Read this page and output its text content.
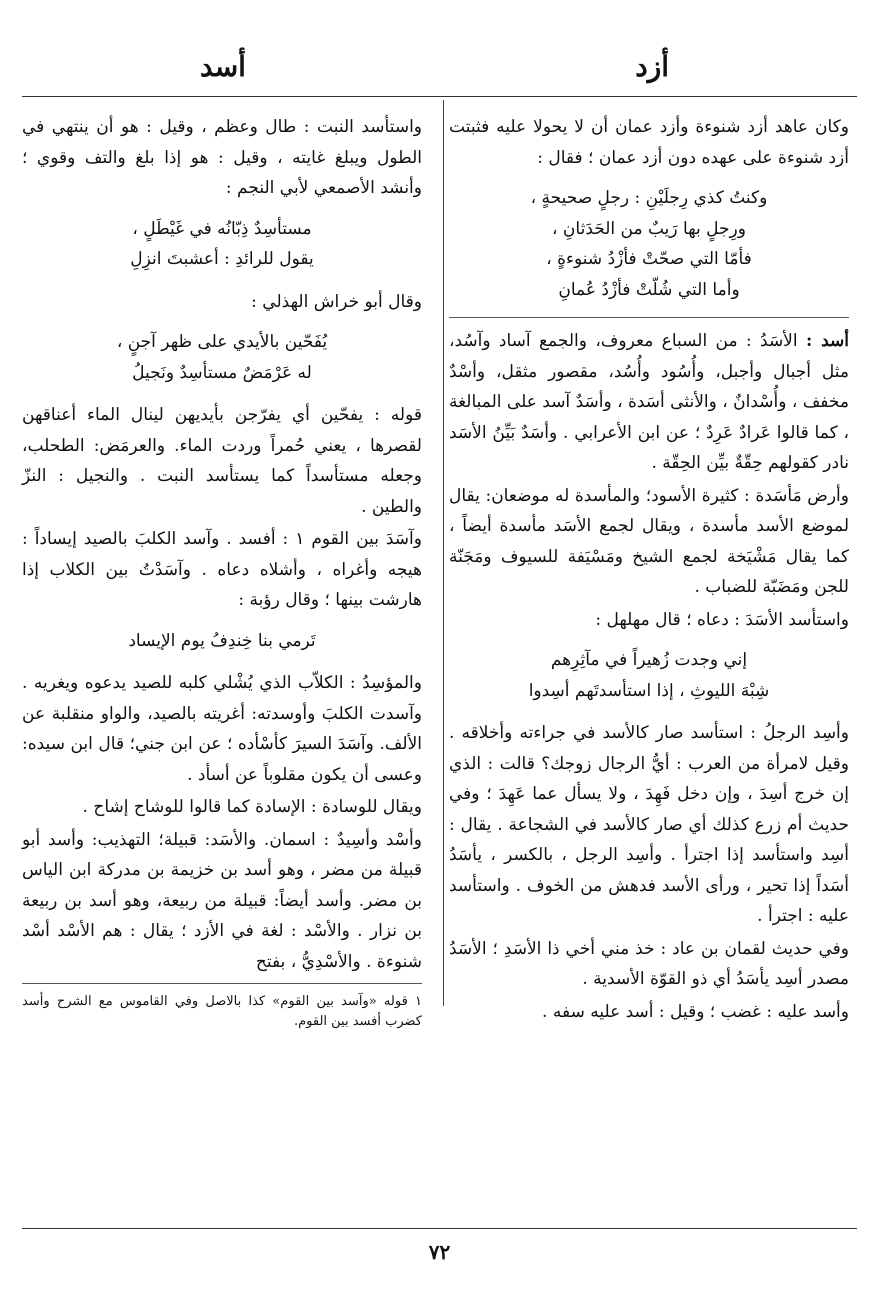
أزد
أسد

وكان عاهد أزد شنوءة وأزد عمان أن لا يحولا عليه فثبتت أزد شنوءة على عهده دون أزد عمان ؛ فقال :

وكنتُ كذي رِجلَيْنِ : رجلٍ صحيحةٍ ،
ورِجلٍ بها رَيبٌ من الحَدَثانِ ،
فأمّا التي صحّتْ فأزْدُ شنوءةٍ ،
وأما التي شُلّتْ فأزْدُ عُمانِ

أسد : الأسَدُ : من السباع معروف، والجمع آساد وآسُد، مثل أجبال وأجبل، وأُسُود وأُسُد، مقصور مثقل، وأسْدٌ مخفف ، وأُسْدانٌ ، والأنثى أسَدة ، وأسَدٌ آسد على المبالغة ، كما قالوا عَرادٌ عَرِدٌ ؛ عن ابن الأعرابي . وأسَدٌ بَيِّنُ الأسَد نادر كقولهم حِقّةٌ بيِّن الحِقّة .

وأرض مَأسَدة : كثيرة الأسود؛ والمأسدة له موضعان: يقال لموضع الأسد مأسدة ، ويقال لجمع الأسَد مأسدة أيضاً ، كما يقال مَشْيَخة لجمع الشيخ ومَسْيَفة للسيوف ومَجَنّة للجن ومَضَبّة للضباب .

واستأسد الأسَدَ : دعاه ؛ قال مهلهل :

إني وجدت زُهيراً في مآثِرِهم
شِبْهَ الليوثِ ، إذا استأسدتَهم أسِدوا

وأسِد الرجلُ : استأسد صار كالأسد في جراءته وأخلاقه . وقيل لامرأة من العرب : أيُّ الرجال زوجك؟ قالت : الذي إن خرج أسِدَ ، وإن دخل فَهِدَ ، ولا يسأل عما عَهِدَ ؛ وفي حديث أم زرع كذلك أي صار كالأسد في الشجاعة . يقال : أسِد واستأسد إذا اجترأ . وأسِد الرجل ، بالكسر ، يأسَدُ أسَداً إذا تحير ، ورأى الأسد فدهش من الخوف . واستأسد عليه : اجترأ .

وفي حديث لقمان بن عاد : خذ مني أخي ذا الأسَدِ ؛ الأسَدُ مصدر أسِد يأسَدُ أي ذو القوّة الأسدية .

وأسد عليه : غضب ؛ وقيل : أسد عليه سفه .

واستأسد النبت : طال وعظم ، وقيل : هو أن ينتهي في الطول ويبلغ غايته ، وقيل : هو إذا بلغ والتف وقوي ؛ وأنشد الأصمعي لأبي النجم :

مستأسِدٌ ذِبّانُه في غَيْطَلٍ ،
يقول للرائدِ : أعشبتَ انزِلِ

وقال أبو خراش الهذلي :

يُفَحّين بالأيدي على ظهر آجنٍ ،
له عَرْمَضٌ مستأسِدٌ ونَجيلُ

قوله : يفحّين أي يفرّجن بأيديهن لينال الماء أعناقهن لقصرها ، يعني حُمراً وردت الماء. والعرمَض: الطحلب، وجعله مستأسداً كما يستأسد النبت . والنجيل : النزّ والطين .

وآسَدَ بين القوم ١ : أفسد . وآسد الكلبَ بالصيد إيساداً : هيجه وأغراه ، وأشلاه دعاه . وآسَدْتُ بين الكلاب إذا هارشت بينها ؛ وقال رؤبة :

تَرمي بنا خِندِفُ يوم الإيساد

والمؤسِدُ : الكلاّب الذي يُشْلي كلبه للصيد يدعوه ويغريه . وآسدت الكلبَ وأوسدته: أغريته بالصيد، والواو منقلبة عن الألف. وآسَدَ السيرَ كأسْأده ؛ عن ابن جني؛ قال ابن سيده: وعسى أن يكون مقلوباً عن أسأد .

ويقال للوسادة : الإسادة كما قالوا للوشاح إشاح .

وأسْد وأسِيدٌ : اسمان. والأسَد: قبيلة؛ التهذيب: وأسد أبو قبيلة من مضر ، وهو أسد بن خزيمة بن مدركة ابن الياس بن مضر. وأسد أيضاً: قبيلة من ربيعة، وهو أسد بن ربيعة بن نزار . والأسْد : لغة في الأزد ؛ يقال : هم الأسْد أسْد شنوءة . والأسْدِيُّ ، بفتح

١ قوله «وآسد بين القوم» كذا بالاصل وفي القاموس مع الشرح وأسد كضرب أفسد بين القوم.

٧٢
